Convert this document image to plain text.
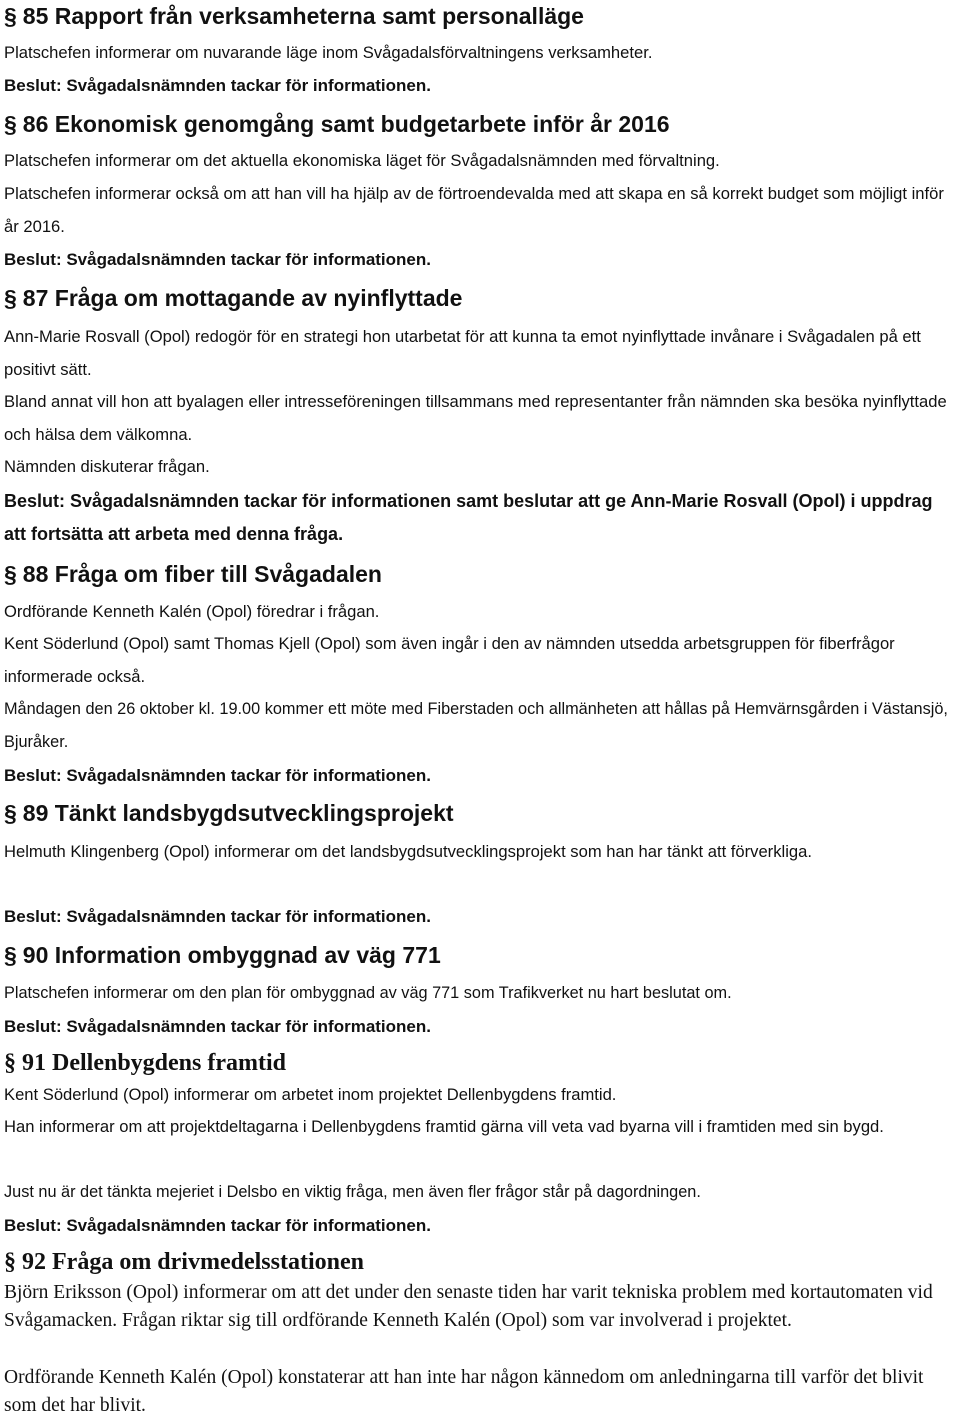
§ 85 Rapport från verksamheterna samt personalläge

Platschefen informerar om nuvarande läge inom Svågadalsförvaltningens verksamheter.

Beslut: Svågadalsnämnden tackar för informationen.

§ 86 Ekonomisk genomgång samt budgetarbete inför år 2016

Platschefen informerar om det aktuella ekonomiska läget för Svågadalsnämnden med förvaltning.

Platschefen informerar också om att han vill ha hjälp av de förtroendevalda med att skapa en så korrekt budget som möjligt inför år 2016.

Beslut: Svågadalsnämnden tackar för informationen.

§ 87 Fråga om mottagande av nyinflyttade

Ann-Marie Rosvall (Opol) redogör för en strategi hon utarbetat för att kunna ta emot nyinflyttade invånare i Svågadalen på ett positivt sätt.

Bland annat vill hon att byalagen eller intresseföreningen tillsammans med representanter från nämnden ska besöka nyinflyttade och hälsa dem välkomna.

Nämnden diskuterar frågan.

Beslut: Svågadalsnämnden tackar för informationen samt beslutar att ge Ann-Marie Rosvall (Opol) i uppdrag att fortsätta att arbeta med denna fråga.

§ 88 Fråga om fiber till Svågadalen

Ordförande Kenneth Kalén (Opol) föredrar i frågan.

Kent Söderlund (Opol) samt Thomas Kjell (Opol) som även ingår i den av nämnden utsedda arbetsgruppen för fiberfrågor informerade också.

Måndagen den 26 oktober kl. 19.00 kommer ett möte med Fiberstaden och allmänheten att hållas på Hemvärnsgården i Västansjö, Bjuråker.

Beslut: Svågadalsnämnden tackar för informationen.

§ 89 Tänkt landsbygdsutvecklingsprojekt

Helmuth Klingenberg (Opol) informerar om det landsbygdsutvecklingsprojekt som han har tänkt att förverkliga.

Beslut: Svågadalsnämnden tackar för informationen.

§ 90 Information ombyggnad av väg 771

Platschefen informerar om den plan för ombyggnad av väg 771 som Trafikverket nu hart beslutat om.

Beslut: Svågadalsnämnden tackar för informationen.

§ 91 Dellenbygdens framtid

Kent Söderlund (Opol) informerar om arbetet inom projektet Dellenbygdens framtid.

Han informerar om att projektdeltagarna i Dellenbygdens framtid gärna vill veta vad byarna vill i framtiden med sin bygd.

Just nu är det tänkta mejeriet i Delsbo en viktig fråga, men även fler frågor står på dagordningen.

Beslut: Svågadalsnämnden tackar för informationen.

§ 92 Fråga om drivmedelsstationen

Björn Eriksson (Opol) informerar om att det under den senaste tiden har varit tekniska problem med kortautomaten vid Svågamacken. Frågan riktar sig till ordförande Kenneth Kalén (Opol) som var involverad i projektet.

Ordförande Kenneth Kalén (Opol) konstaterar att han inte har någon kännedom om anledningarna till varför det blivit som det har blivit.
